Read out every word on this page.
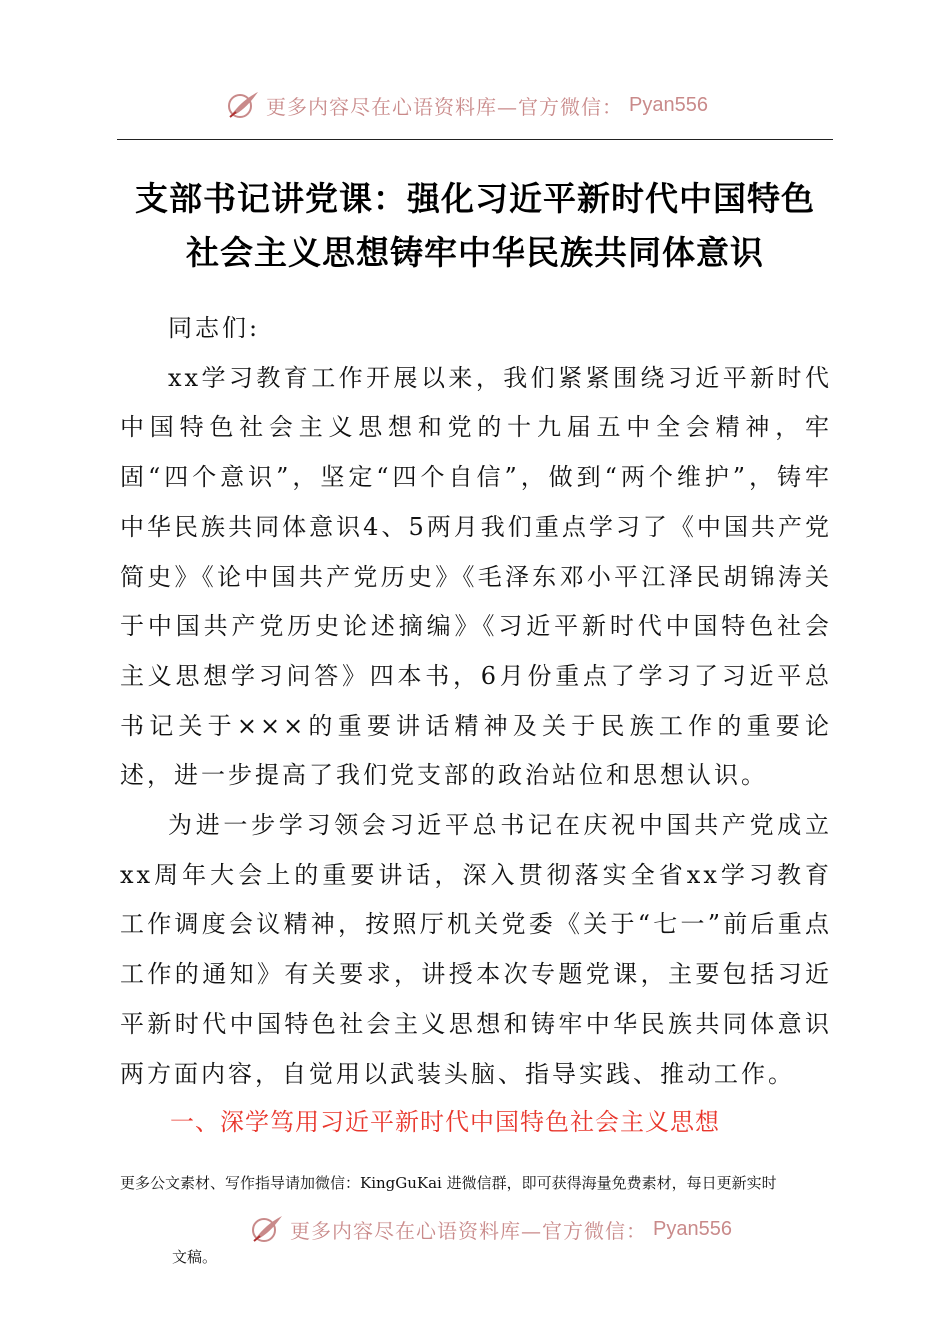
更多内容尽在心语资料库—官方微信： Pyan556
支部书记讲党课：强化习近平新时代中国特色
社会主义思想铸牢中华民族共同体意识

同志们:

xx学习教育工作开展以来，我们紧紧围绕习近平新时代中国特色社会主义思想和党的十九届五中全会精神，牢固“四个意识”，坚定“四个自信”，做到“两个维护”，铸牢中华民族共同体意识4、5两月我们重点学习了《中国共产党简史》《论中国共产党历史》《毛泽东邓小平江泽民胡锦涛关于中国共产党历史论述摘编》《习近平新时代中国特色社会主义思想学习问答》四本书，6月份重点了学习了习近平总书记关于×××的重要讲话精神及关于民族工作的重要论述，进一步提高了我们党支部的政治站位和思想认识。

为进一步学习领会习近平总书记在庆祝中国共产党成立xx周年大会上的重要讲话，深入贯彻落实全省xx学习教育工作调度会议精神，按照厅机关党委《关于“七一”前后重点工作的通知》有关要求，讲授本次专题党课，主要包括习近平新时代中国特色社会主义思想和铸牢中华民族共同体意识两方面内容，自觉用以武装头脑、指导实践、推动工作。

一、深学笃用习近平新时代中国特色社会主义思想
更多公文素材、写作指导请加微信：KingGuKai 进微信群，即可获得海量免费素材，每日更新实时
更多内容尽在心语资料库—官方微信： Pyan556
文稿。
